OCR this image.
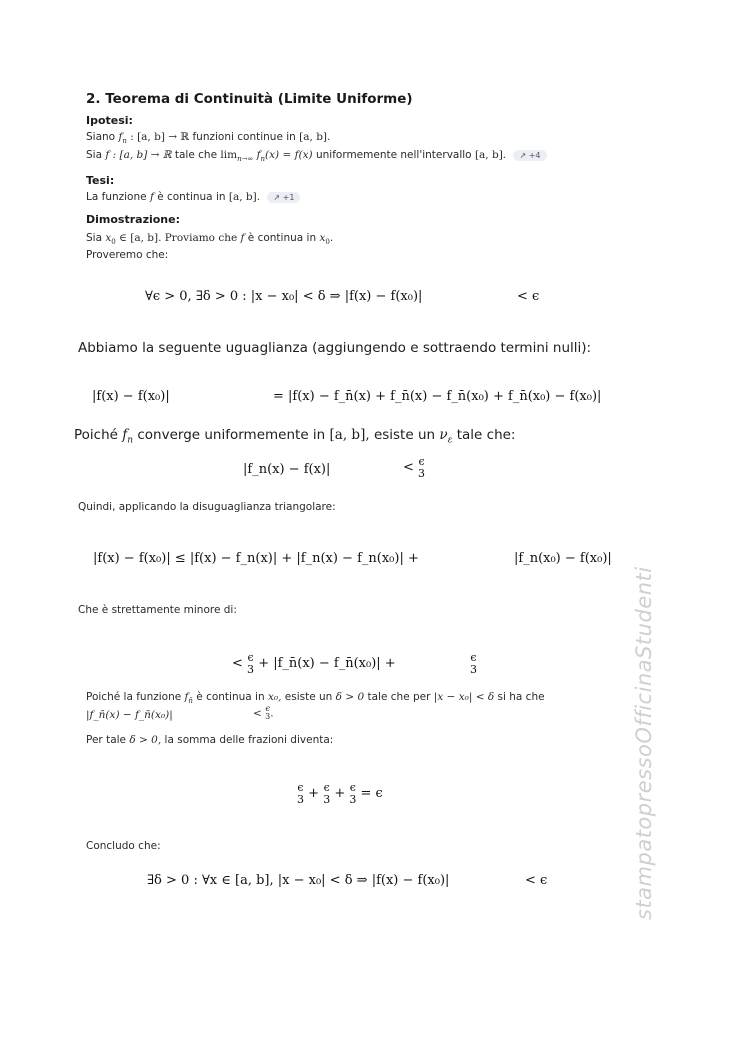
2. Teorema di Continuità (Limite Uniforme)
Ipotesi:
Siano $f_n$ : [a, b] → ℝ funzioni continue in [a, b].
Sia f : [a, b] → ℝ tale che $\lim_{n\to\infty} f_n(x) = f(x)$ uniformemente nell'intervallo [a, b]. ↗ +4
Tesi:
La funzione f è continua in [a, b]. ↗ +1
Dimostrazione:
Sia $x_0$ ∈ [a, b]. Proviamo che f è continua in $x_0$.
Proveremo che:
∀ϵ > 0, ∃δ > 0 : |x − x₀| < δ ⇒ |f(x) − f(x₀)|	< ϵ
Abbiamo la seguente uguaglianza (aggiungendo e sottraendo termini nulli):
|f(x) − f(x₀)|	= |f(x) − f_n̄(x) + f_n̄(x) − f_n̄(x₀) + f_n̄(x₀) − f(x₀)|
Poiché $f_n$ converge uniformemente in [a, b], esiste un $\nu_\varepsilon$ tale che:
|f_n(x) − f(x)|	< ϵ
3
Quindi, applicando la disuguaglianza triangolare:
|f(x) − f(x₀)| ≤ |f(x) − f_n(x)| + |f_n(x) − f_n(x₀)| +	|f_n(x₀) − f(x₀)|
Che è strettamente minore di:
< ϵ
3 + |f_n̄(x) − f_n̄(x₀)| +	ϵ
3
Poiché la funzione $f_{n̄}$ è continua in x₀, esiste un δ > 0 tale che per |x − x₀| < δ si ha che
|f_n̄(x) − f_n̄(x₀)|	< ϵ
3 .
Per tale δ > 0, la somma delle frazioni diventa:
ϵ
3 + ϵ
3 + ϵ
3 = ϵ
Concludo che:
∃δ > 0 : ∀x ∈ [a, b], |x − x₀| < δ ⇒ |f(x) − f(x₀)|	< ϵ	stampatopressoOfficinaStudenti
